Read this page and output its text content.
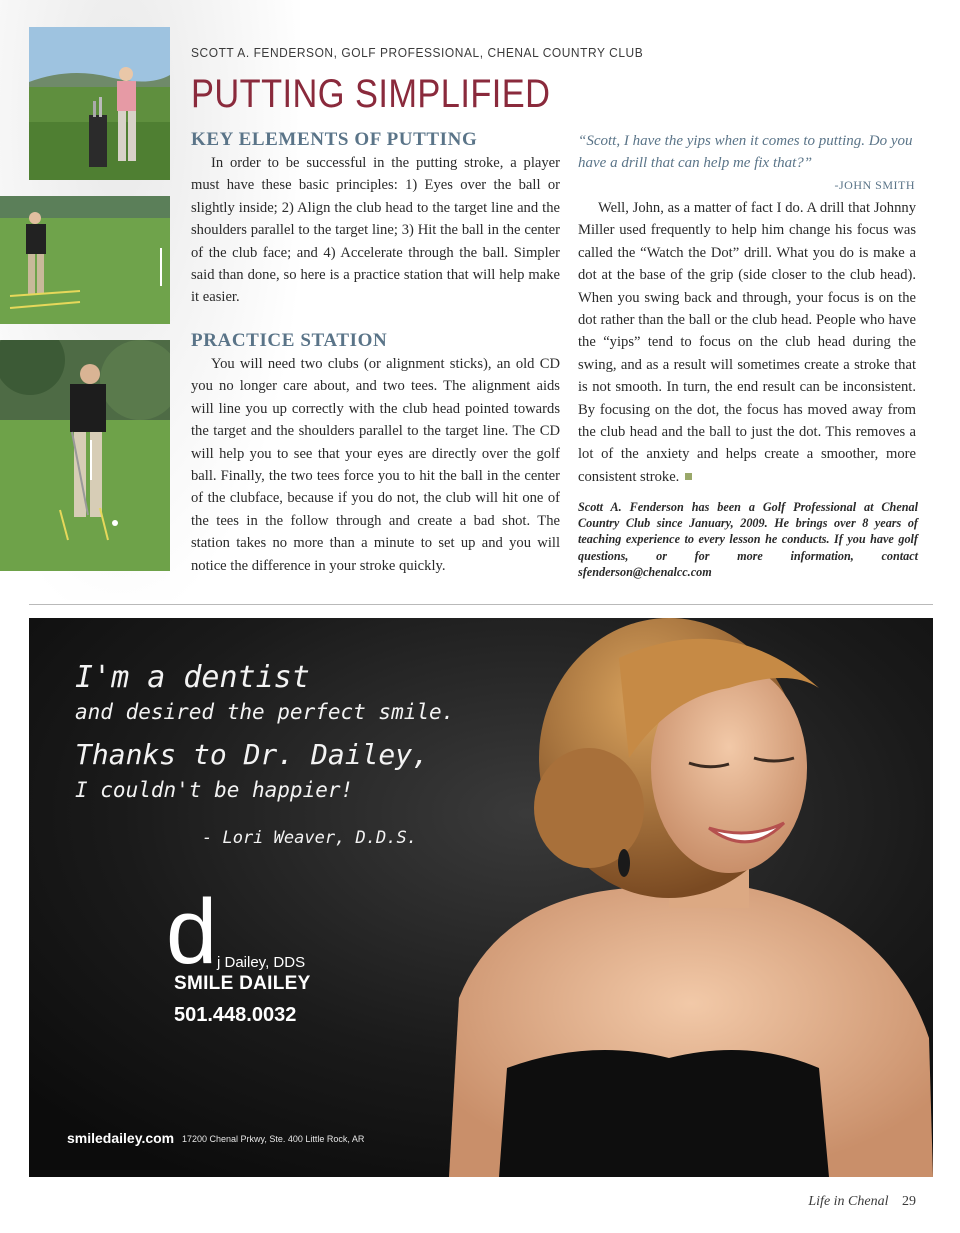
SCOTT A. FENDERSON, GOLF PROFESSIONAL, CHENAL COUNTRY CLUB
PUTTING SIMPLIFIED
KEY ELEMENTS OF PUTTING

In order to be successful in the putting stroke, a player must have these basic principles: 1) Eyes over the ball or slightly inside; 2) Align the club head to the target line and the shoulders parallel to the target line; 3) Hit the ball in the center of the club face; and 4) Accelerate through the ball. Simpler said than done, so here is a practice station that will help make it easier.

PRACTICE STATION

You will need two clubs (or alignment sticks), an old CD you no longer care about, and two tees. The alignment aids will line you up correctly with the club head pointed towards the target and the shoulders parallel to the target line. The CD will help you to see that your eyes are directly over the golf ball. Finally, the two tees force you to hit the ball in the center of the clubface, because if you do not, the club will hit one of the tees in the follow through and create a bad shot. The station takes no more than a minute to set up and you will notice the difference in your stroke quickly.

“Scott, I have the yips when it comes to putting. Do you have a drill that can help me fix that?”
-JOHN SMITH

Well, John, as a matter of fact I do. A drill that Johnny Miller used frequently to help him change his focus was called the “Watch the Dot” drill. What you do is make a dot at the base of the grip (side closer to the club head). When you swing back and through, your focus is on the dot rather than the ball or the club head. People who have the “yips” tend to focus on the club head during the swing, and as a result will sometimes create a stroke that is not smooth. In turn, the end result can be inconsistent. By focusing on the dot, the focus has moved away from the club head and the ball to just the dot. This removes a lot of the anxiety and helps create a smoother, more consistent stroke.

Scott A. Fenderson has been a Golf Professional at Chenal Country Club since January, 2009. He brings over 8 years of teaching experience to every lesson he conducts. If you have golf questions, or for more information, contact sfenderson@chenalcc.com
I'm a dentist
and desired the perfect smile.
Thanks to Dr. Dailey,
I couldn't be happier!
- Lori Weaver, D.D.S.
d j Dailey, DDS
SMILE DAILEY
501.448.0032
smiledailey.com 17200 Chenal Prkwy, Ste. 400 Little Rock, AR
Life in Chenal 29
